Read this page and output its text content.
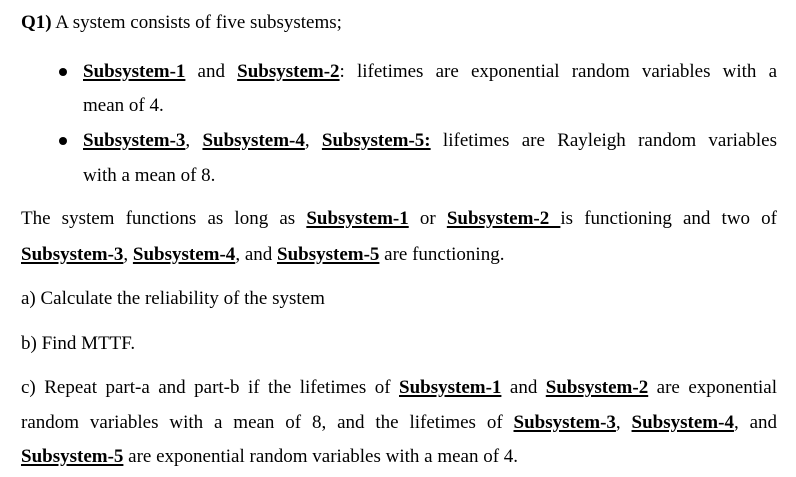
Q1) A system consists of five subsystems;
Subsystem-1 and Subsystem-2: lifetimes are exponential random variables with a
mean of 4.
Subsystem-3, Subsystem-4, Subsystem-5: lifetimes are Rayleigh random variables
with a mean of 8.
The system functions as long as Subsystem-1 or Subsystem-2 is functioning and two of
Subsystem-3, Subsystem-4, and Subsystem-5 are functioning.
a) Calculate the reliability of the system
b) Find MTTF.
c) Repeat part-a and part-b if the lifetimes of Subsystem-1 and Subsystem-2 are exponential
random variables with a mean of 8, and the lifetimes of Subsystem-3, Subsystem-4, and
Subsystem-5 are exponential random variables with a mean of 4.
